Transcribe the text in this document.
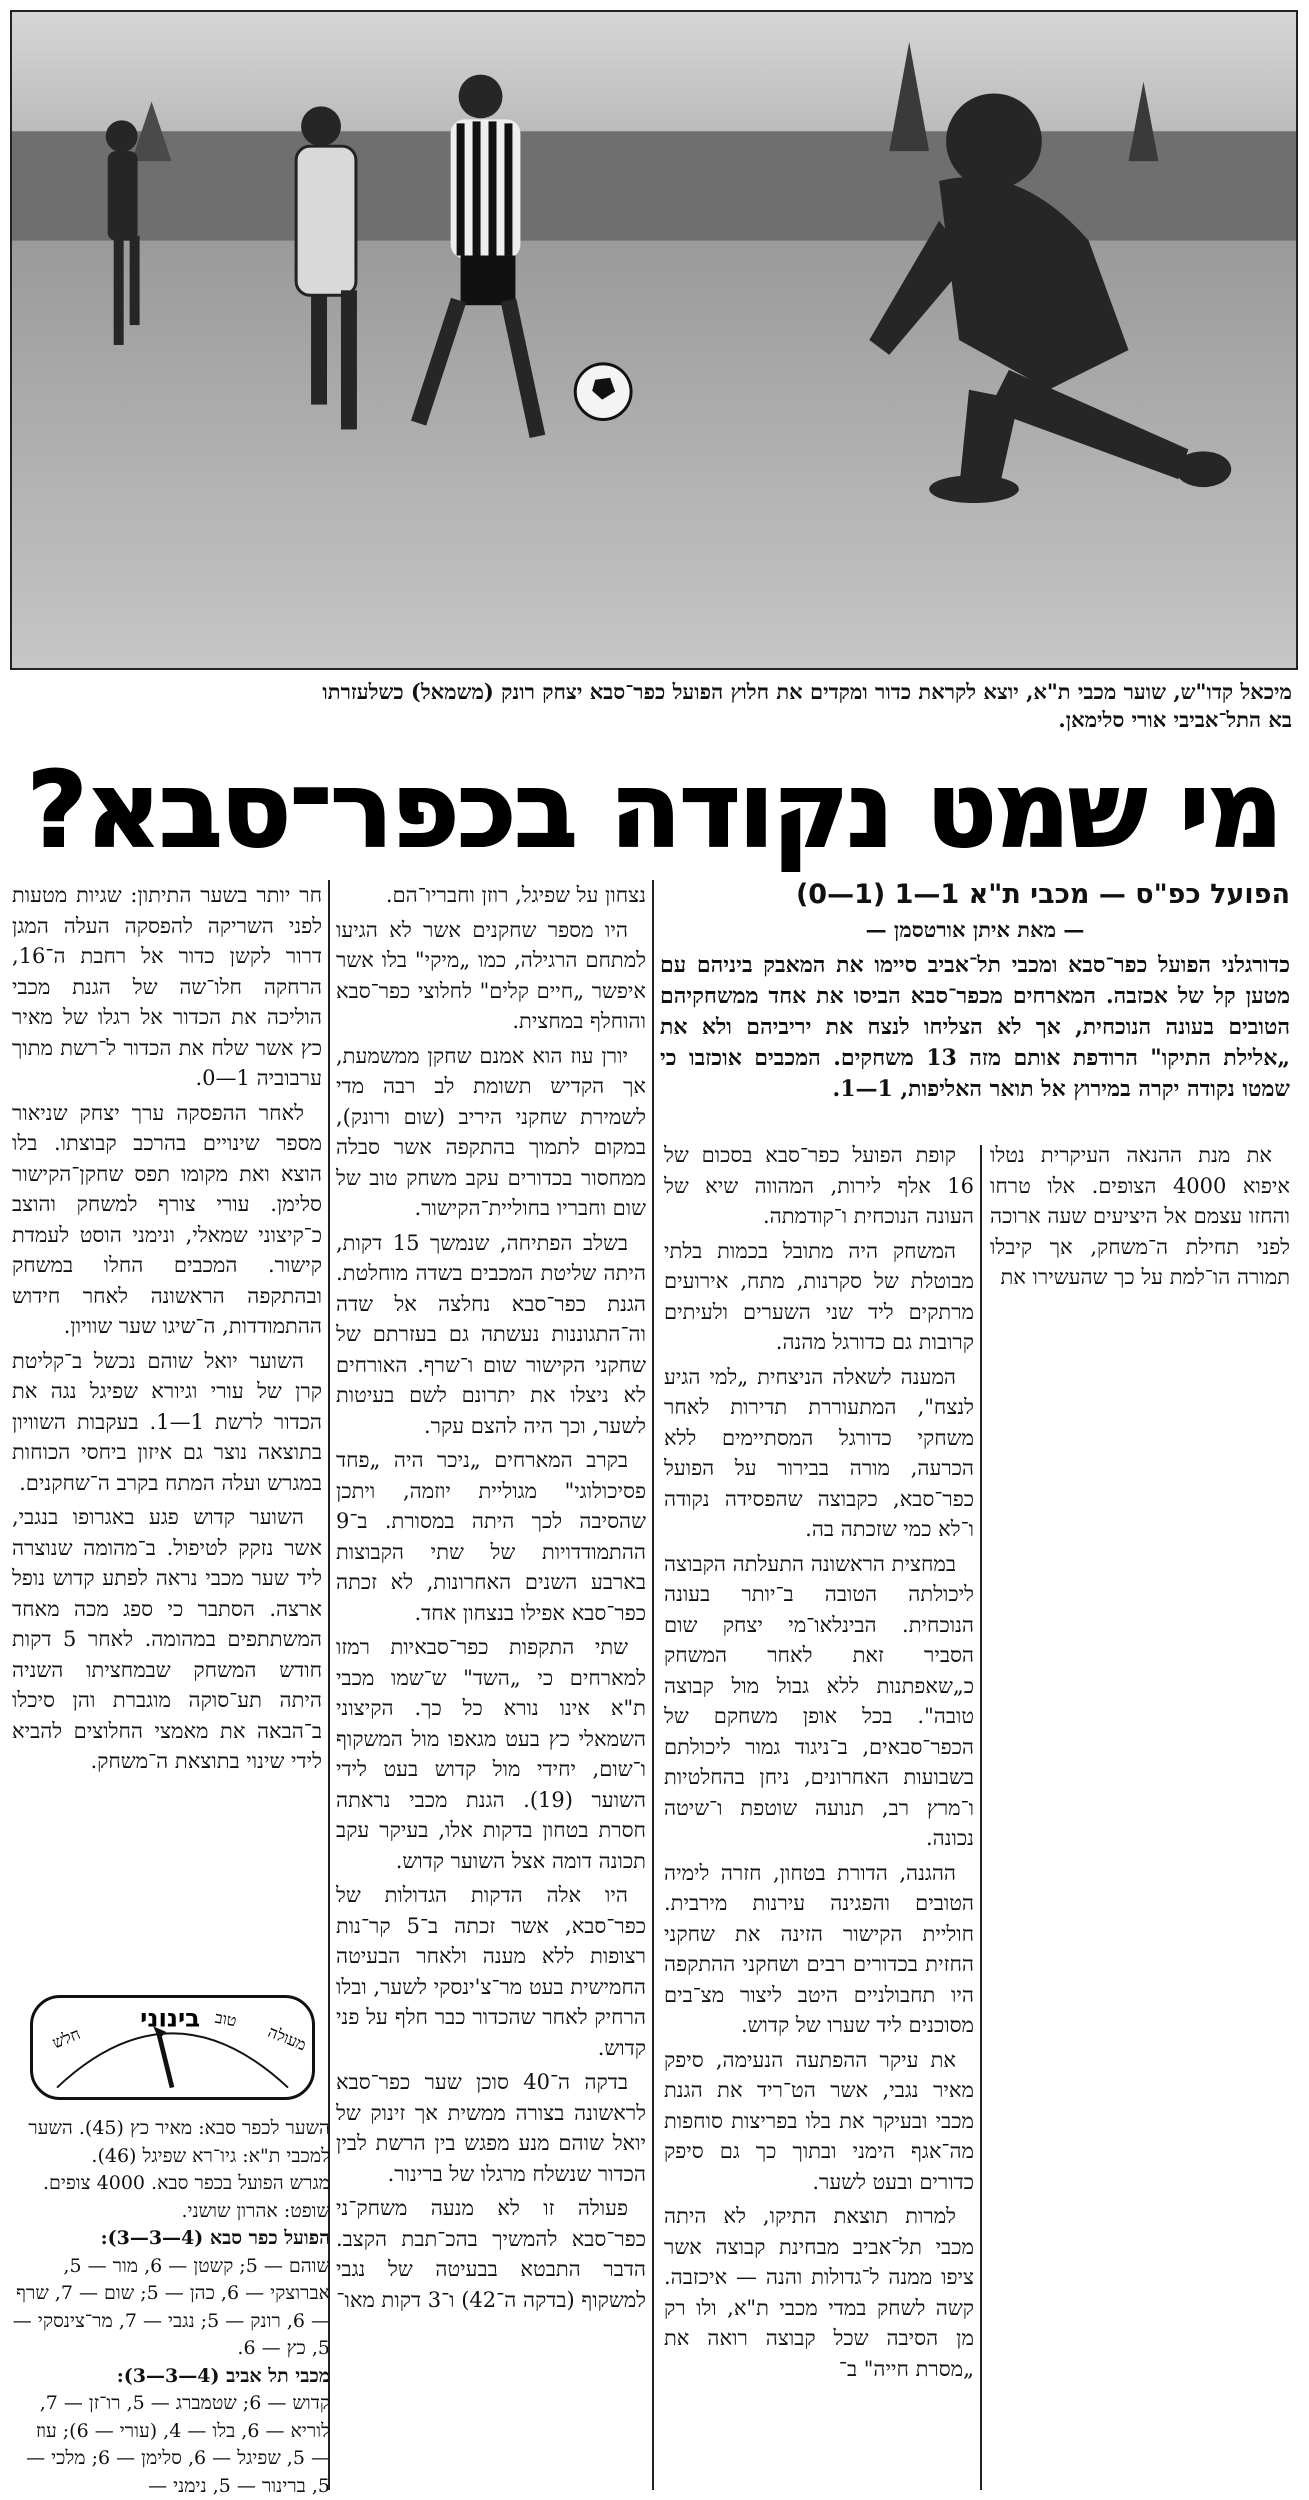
מיכאל קדו"ש, שוער מכבי ת"א, יוצא לקראת כדור ומקדים את חלוץ הפועל כפר־סבא יצחק רונק (משמאל) כשלעזרתו
בא התל־אביבי אורי סלימאן.
מי שמט נקודה בכפר־סבא?
הפועל כפ"ס — מכבי ת"א 1—1 (1—0)
— מאת איתן אורטסמן —
כדורגלני הפועל כפר־סבא ומכבי תל־אביב סיימו את המאבק ביניהם עם מטען קל של אכזבה. המארחים מכפר־סבא הביסו את אחד ממשחקיהם הטובים בעונה הנוכחית, אך לא הצליחו לנצח את יריביהם ולא את „אלילת התיקו" הרודפת אותם מזה 13 משחקים. המכבים אוכזבו כי שמטו נקודה יקרה במירוץ אל תואר האליפות, 1—1.

את מנת ההנאה העיקרית נטלו איפוא 4000 הצופים. אלו טרחו והחזו עצמם אל היציעים שעה ארוכה לפני תחילת ה־משחק, אך קיבלו תמורה הו־למת על כך שהעשירו את

קופת הפועל כפר־סבא בסכום של 16 אלף לירות, המהווה שיא של העונה הנוכחית ו־קודמתה.

המשחק היה מתובל בכמות בלתי מבוטלת של סקרנות, מתח, אירועים מרתקים ליד שני השערים ולעיתים קרובות גם כדורגל מהנה.

המענה לשאלה הניצחית „למי הגיע לנצח", המתעוררת תדירות לאחר משחקי כדורגל המסתיימים ללא הכרעה, מורה בבירור על הפועל כפר־סבא, כקבוצה שהפסידה נקודה ו־לא כמי שזכתה בה.

במחצית הראשונה התעלתה הקבוצה ליכולתה הטובה ב־יותר בעונה הנוכחית. הבינלאו־מי יצחק שום הסביר זאת לאחר המשחק כ„שאפתנות ללא גבול מול קבוצה טובה". בכל אופן משחקם של הכפר־סבאים, ב־ניגוד גמור ליכולתם בשבועות האחרונים, ניחן בהחלטיות ו־מרץ רב, תנועה שוטפת ו־שיטה נכונה.

ההגנה, הדורת בטחון, חזרה לימיה הטובים והפגינה עירנות מירבית. חוליית הקישור הזינה את שחקני החזית בכדורים רבים ושחקני ההתקפה היו תחבולניים היטב ליצור מצ־בים מסוכנים ליד שערו של קדוש.

את עיקר ההפתעה הנעימה, סיפק מאיר נגבי, אשר הט־ריד את הגנת מכבי ובעיקר את בלו בפריצות סוחפות מה־אגף הימני ובתוך כך גם סיפק כדורים ובעט לשער.

למרות תוצאת התיקו, לא היתה מכבי תל־אביב מבחינת קבוצה אשר ציפו ממנה ל־גדולות והנה — איכזבה. קשה לשחק במדי מכבי ת"א, ולו רק מן הסיבה שכל קבוצה רואה את „מסרת חייה" ב־

נצחון על שפיגל, רוזן וחבריו־הם.

היו מספר שחקנים אשר לא הגיעו למתחם הרגילה, כמו „מיקי" בלו אשר איפשר „חיים קלים" לחלוצי כפר־סבא והוחלף במחצית.

יורן עוז הוא אמנם שחקן ממשמעת, אך הקדיש תשומת לב רבה מדי לשמירת שחקני היריב (שום ורונק), במקום לתמוך בהתקפה אשר סבלה ממחסור בכדורים עקב משחק טוב של שום וחבריו בחוליית־הקישור.

בשלב הפתיחה, שנמשך 15 דקות, היתה שליטת המכבים בשדה מוחלטת. הגנת כפר־סבא נחלצה אל שדה וה־התגוננות נעשתה גם בעזרתם של שחקני הקישור שום ו־שרף. האורחים לא ניצלו את יתרונם לשם בעיטות לשער, וכך היה להצם עקר.

בקרב המארחים „ניכר היה „פחד פסיכולוגי" מגוליית יוזמה, ויתכן שהסיבה לכך היתה במסורת. ב־9 ההתמודדויות של שתי הקבוצות בארבע השנים האחרונות, לא זכתה כפר־סבא אפילו בנצחון אחד.

שתי התקפות כפר־סבאיות רמזו למארחים כי „השד" ש־שמו מכבי ת"א אינו נורא כל כך. הקיצוני השמאלי כץ בעט מגאפו מול המשקוף ו־שום, יחידי מול קדוש בעט לידי השוער (19). הגנת מכבי נראתה חסרת בטחון בדקות אלו, בעיקר עקב תכונה דומה אצל השוער קדוש.

היו אלה הדקות הגדולות של כפר־סבא, אשר זכתה ב־5 קר־נות רצופות ללא מענה ולאחר הבעיטה החמישית בעט מר־צ'ינסקי לשער, ובלו הרחיק לאחר שהכדור כבר חלף על פני קדוש.

בדקה ה־40 סוכן שער כפר־סבא לראשונה בצורה ממשית אך זינוק של יואל שוהם מנע מפגש בין הרשת לבין הכדור שנשלח מרגלו של ברינור.

פעולה זו לא מנעה משחק־ני כפר־סבא להמשיך בהכ־תבת הקצב. הדבר התבטא בבעיטה של נגבי למשקוף (בדקה ה־42) ו־3 דקות מאו־

חר יותר בשער התיתון: שגיות מטעות לפני השריקה להפסקה העלה המגן דרור לקשן כדור אל רחבת ה־16, הרחקה חלו־שה של הגנת מכבי הוליכה את הכדור אל רגלו של מאיר כץ אשר שלח את הכדור ל־רשת מתוך ערבוביה 1—0.

לאחר ההפסקה ערך יצחק שניאור מספר שינויים בהרכב קבוצתו. בלו הוצא ואת מקומו תפס שחקן־הקישור סלימן. עורי צורף למשחק והוצב כ־קיצוני שמאלי, ונימני הוסט לעמדת קישור. המכבים החלו במשחק ובהתקפה הראשונה לאחר חידוש ההתמודדות, ה־שיגו שער שוויון.

השוער יואל שוהם נכשל ב־קליטת קרן של עורי וגיורא שפיגל נגה את הכדור לרשת 1—1. בעקבות השוויון בתוצאה נוצר גם איזון ביחסי הכוחות במגרש ועלה המתח בקרב ה־שחקנים.

השוער קדוש פגע באגרופו בנגבי, אשר נזקק לטיפול. ב־מהומה שנוצרה ליד שער מכבי נראה לפתע קדוש נופל ארצה. הסתבר כי ספג מכה מאחד המשתתפים במהומה. לאחר 5 דקות חודש המשחק שבמחציתו השניה היתה תע־סוקה מוגברת והן סיכלו ב־הבאה את מאמצי החלוצים להביא לידי שינוי בתוצאת ה־משחק.

מעולה
טוב
בינוני
חלש

השער לכפר סבא: מאיר כץ (45). השער למכבי ת"א: גיו־רא שפיגל (46).

מגרש הפועל בכפר סבא. 4000 צופים. שופט: אהרון שושני.

הפועל כפר סבא (4—3—3):

שוהם — 5; קשטן — 6, מור — 5, אברוצקי — 6, כהן — 5; שום — 7, שרף — 6, רונק — 5; נגבי — 7, מר־צינסקי — 5, כץ — 6.

מכבי תל אביב (4—3—3):

קדוש — 6; שטמברג — 5, רו־זן — 7, לוריא — 6, בלו — 4, (עורי — 6); עוז — 5, שפיגל — 6, סלימן — 6; מלכי — 5, ברינור — 5, נימני —
